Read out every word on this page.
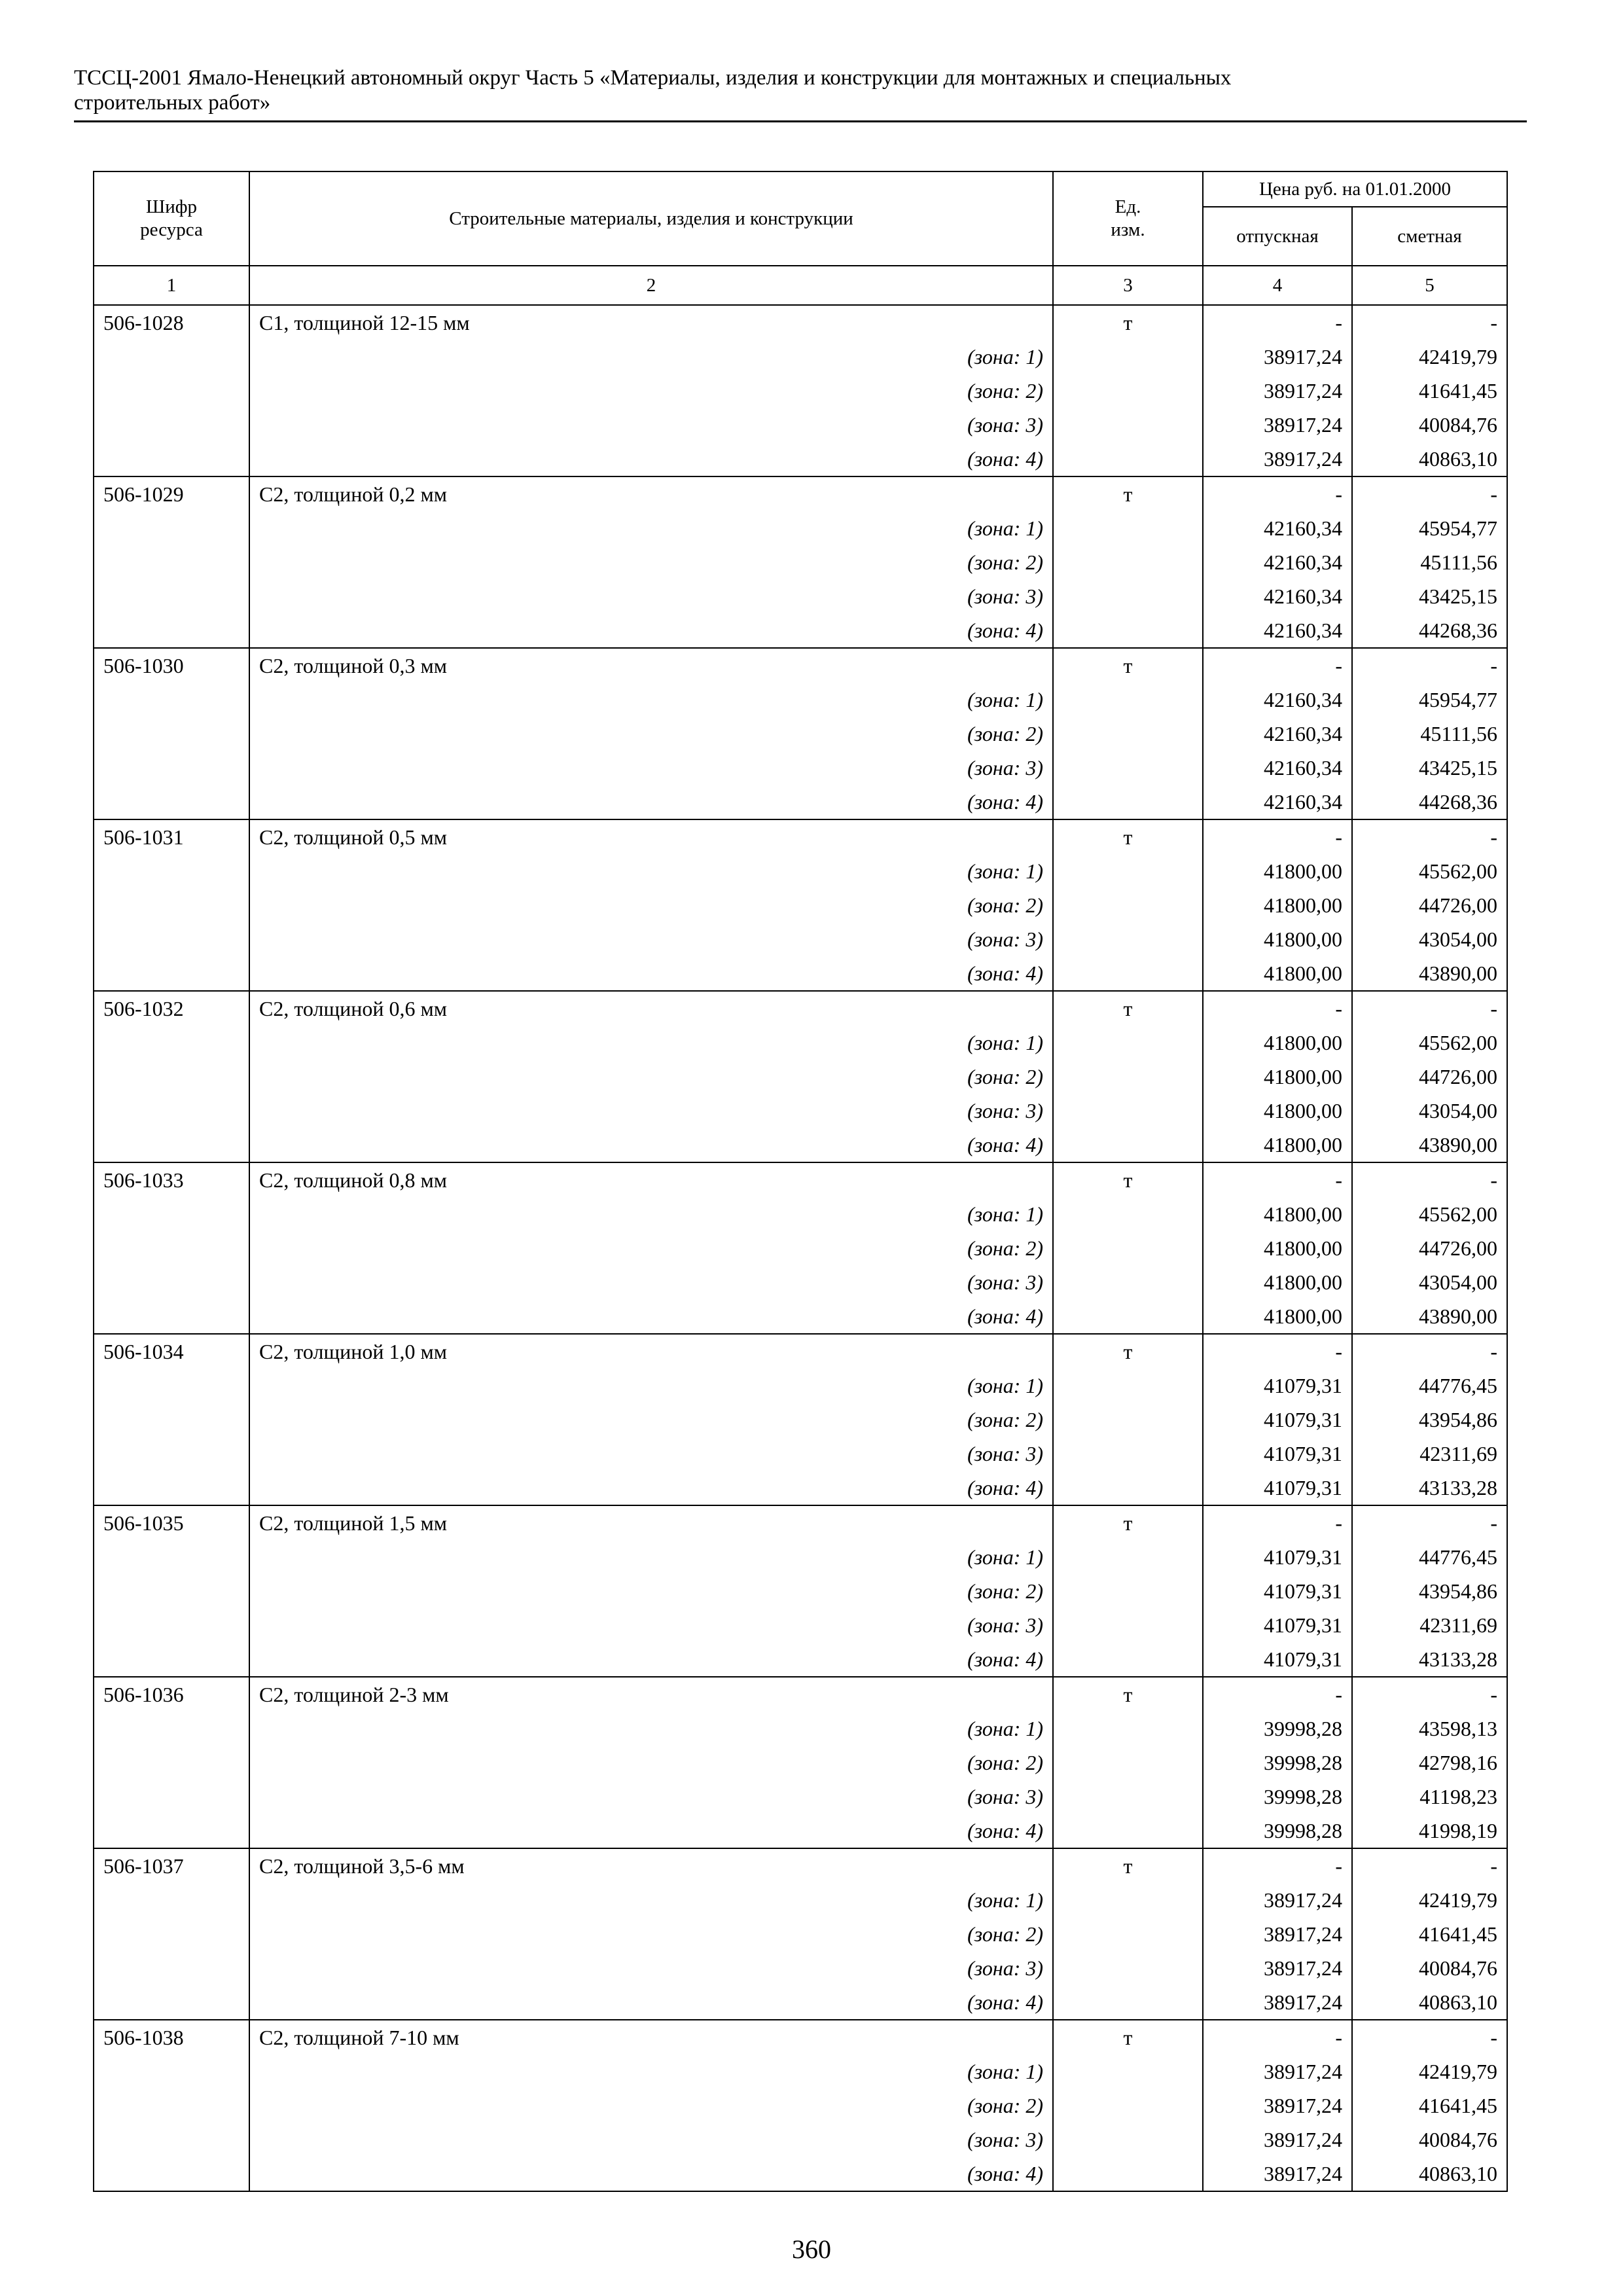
ТССЦ-2001 Ямало-Ненецкий автономный округ Часть 5 «Материалы, изделия и конструкции для монтажных и специальных
строительных работ»
Шифр ресурса	Строительные материалы, изделия и конструкции	Ед. изм.	Цена руб. на 01.01.2000	
			отпускная	сметная
1	2	3	4	5
506-1028	С1, толщиной 12-15 мм	т	-	-
	(зона: 1)		38917,24	42419,79
	(зона: 2)		38917,24	41641,45
	(зона: 3)		38917,24	40084,76
	(зона: 4)		38917,24	40863,10
506-1029	С2, толщиной 0,2 мм	т	-	-
	(зона: 1)		42160,34	45954,77
	(зона: 2)		42160,34	45111,56
	(зона: 3)		42160,34	43425,15
	(зона: 4)		42160,34	44268,36
506-1030	С2, толщиной 0,3 мм	т	-	-
	(зона: 1)		42160,34	45954,77
	(зона: 2)		42160,34	45111,56
	(зона: 3)		42160,34	43425,15
	(зона: 4)		42160,34	44268,36
506-1031	С2, толщиной 0,5 мм	т	-	-
	(зона: 1)		41800,00	45562,00
	(зона: 2)		41800,00	44726,00
	(зона: 3)		41800,00	43054,00
	(зона: 4)		41800,00	43890,00
506-1032	С2, толщиной 0,6 мм	т	-	-
	(зона: 1)		41800,00	45562,00
	(зона: 2)		41800,00	44726,00
	(зона: 3)		41800,00	43054,00
	(зона: 4)		41800,00	43890,00
506-1033	С2, толщиной 0,8 мм	т	-	-
	(зона: 1)		41800,00	45562,00
	(зона: 2)		41800,00	44726,00
	(зона: 3)		41800,00	43054,00
	(зона: 4)		41800,00	43890,00
506-1034	С2, толщиной 1,0 мм	т	-	-
	(зона: 1)		41079,31	44776,45
	(зона: 2)		41079,31	43954,86
	(зона: 3)		41079,31	42311,69
	(зона: 4)		41079,31	43133,28
506-1035	С2, толщиной 1,5 мм	т	-	-
	(зона: 1)		41079,31	44776,45
	(зона: 2)		41079,31	43954,86
	(зона: 3)		41079,31	42311,69
	(зона: 4)		41079,31	43133,28
506-1036	С2, толщиной 2-3 мм	т	-	-
	(зона: 1)		39998,28	43598,13
	(зона: 2)		39998,28	42798,16
	(зона: 3)		39998,28	41198,23
	(зона: 4)		39998,28	41998,19
506-1037	С2, толщиной 3,5-6 мм	т	-	-
	(зона: 1)		38917,24	42419,79
	(зона: 2)		38917,24	41641,45
	(зона: 3)		38917,24	40084,76
	(зона: 4)		38917,24	40863,10
506-1038	С2, толщиной 7-10 мм	т	-	-
	(зона: 1)		38917,24	42419,79
	(зона: 2)		38917,24	41641,45
	(зона: 3)		38917,24	40084,76
	(зона: 4)		38917,24	40863,10
360
